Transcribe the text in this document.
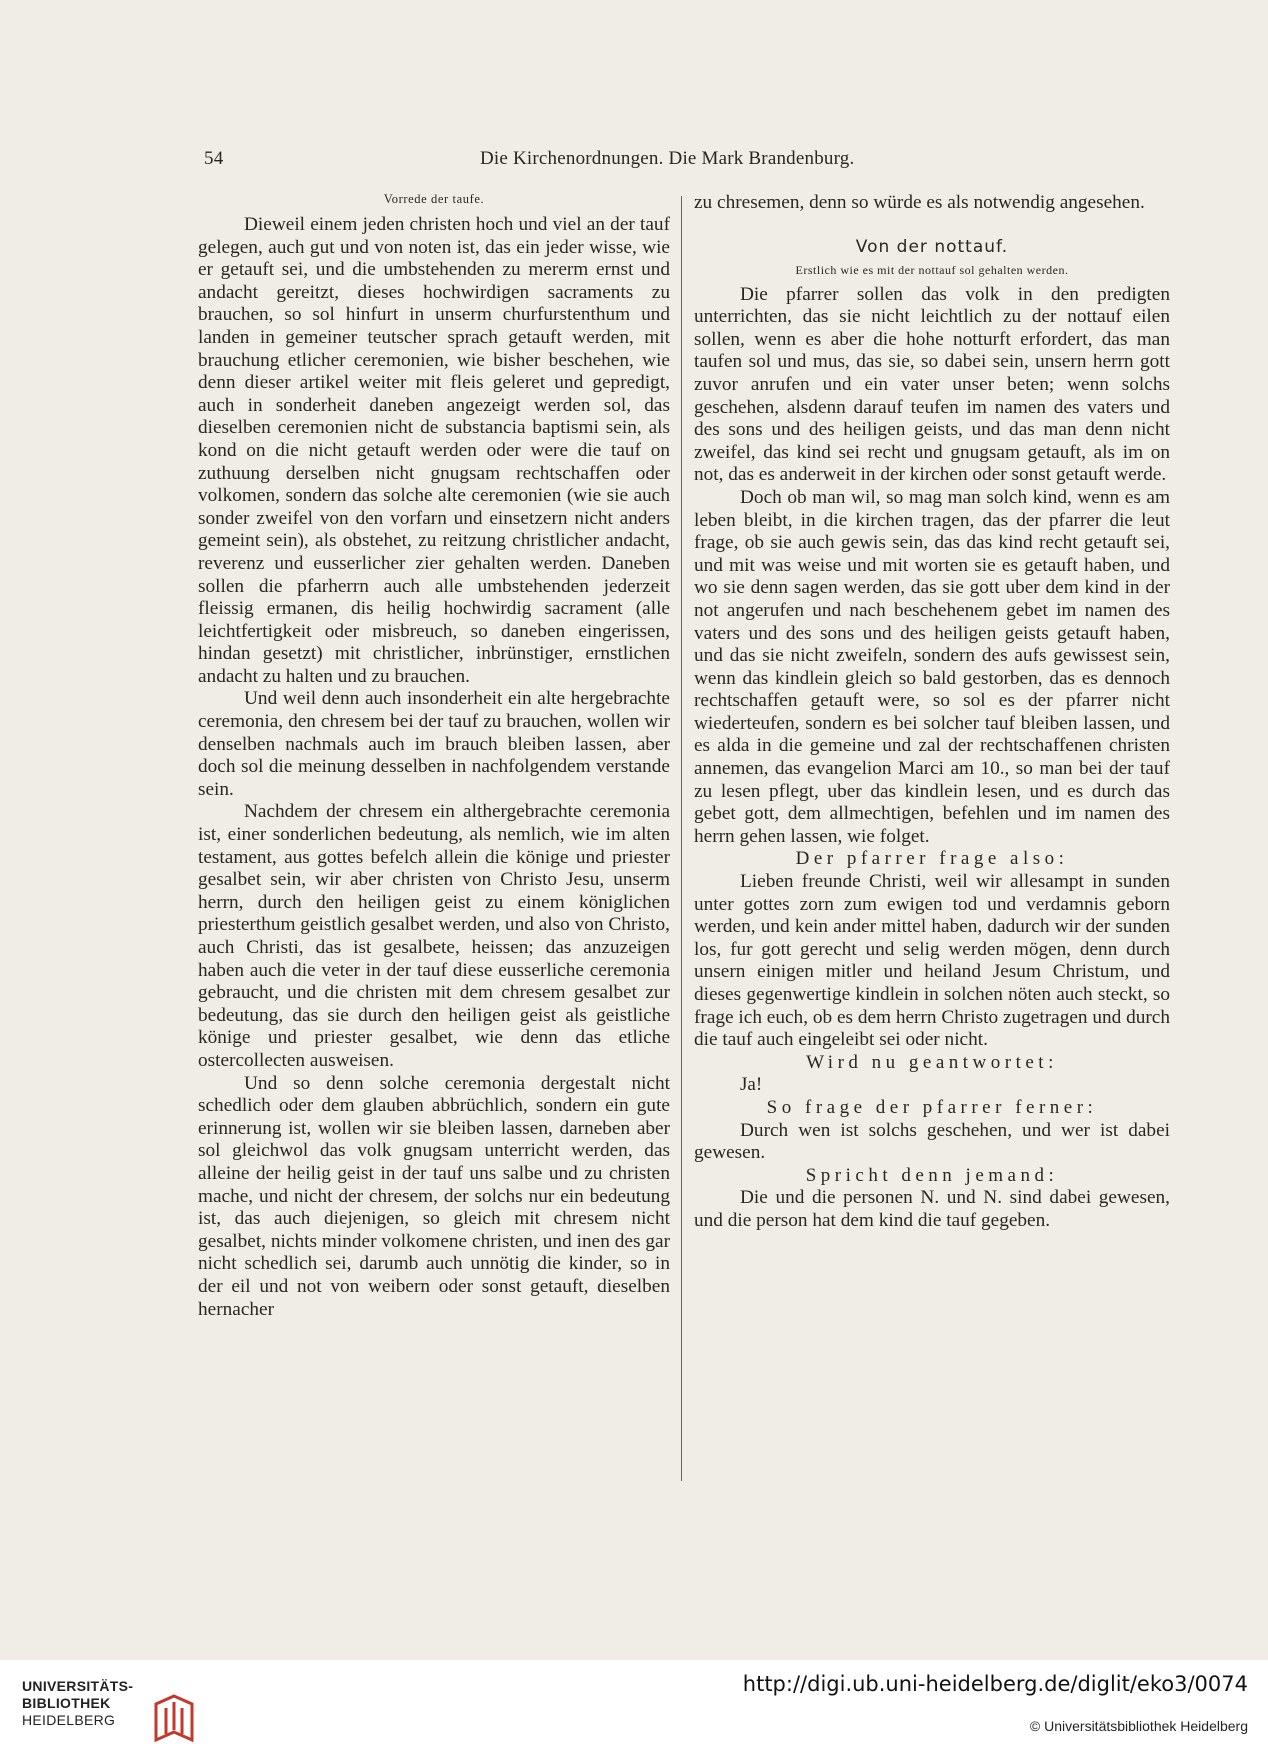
54	Die Kirchenordnungen. Die Mark Brandenburg.
Vorrede der taufe.

Dieweil einem jeden christen hoch und viel an der tauf gelegen, auch gut und von noten ist, das ein jeder wisse, wie er getauft sei, und die umbstehenden zu mererm ernst und andacht gereitzt, dieses hochwirdigen sacraments zu brauchen, so sol hinfurt in unserm churfurstenthum und landen in gemeiner teutscher sprach getauft werden, mit brauchung etlicher ceremonien, wie bisher beschehen, wie denn dieser artikel weiter mit fleis geleret und gepredigt, auch in sonderheit daneben angezeigt werden sol, das dieselben ceremonien nicht de substancia baptismi sein, als kond on die nicht getauft werden oder were die tauf on zuthuung derselben nicht gnugsam rechtschaffen oder volkomen, sondern das solche alte ceremonien (wie sie auch sonder zweifel von den vorfarn und einsetzern nicht anders gemeint sein), als obstehet, zu reitzung christlicher andacht, reverenz und eusserlicher zier gehalten werden. Daneben sollen die pfarherrn auch alle umbstehenden jederzeit fleissig ermanen, dis heilig hochwirdig sacrament (alle leichtfertigkeit oder misbreuch, so daneben eingerissen, hindan gesetzt) mit christlicher, inbrünstiger, ernstlichen andacht zu halten und zu brauchen.

Und weil denn auch insonderheit ein alte hergebrachte ceremonia, den chresem bei der tauf zu brauchen, wollen wir denselben nachmals auch im brauch bleiben lassen, aber doch sol die meinung desselben in nachfolgendem verstande sein.

Nachdem der chresem ein althergebrachte ceremonia ist, einer sonderlichen bedeutung, als nemlich, wie im alten testament, aus gottes befelch allein die könige und priester gesalbet sein, wir aber christen von Christo Jesu, unserm herrn, durch den heiligen geist zu einem königlichen priesterthum geistlich gesalbet werden, und also von Christo, auch Christi, das ist gesalbete, heissen; das anzuzeigen haben auch die veter in der tauf diese eusserliche ceremonia gebraucht, und die christen mit dem chresem gesalbet zur bedeutung, das sie durch den heiligen geist als geistliche könige und priester gesalbet, wie denn das etliche ostercollecten ausweisen.

Und so denn solche ceremonia dergestalt nicht schedlich oder dem glauben abbrüchlich, sondern ein gute erinnerung ist, wollen wir sie bleiben lassen, darneben aber sol gleichwol das volk gnugsam unterricht werden, das alleine der heilig geist in der tauf uns salbe und zu christen mache, und nicht der chresem, der solchs nur ein bedeutung ist, das auch diejenigen, so gleich mit chresem nicht gesalbet, nichts minder volkomene christen, und inen des gar nicht schedlich sei, darumb auch unnötig die kinder, so in der eil und not von weibern oder sonst getauft, dieselben hernacher

zu chresemen, denn so würde es als notwendig angesehen.

Von der nottauf.
Erstlich wie es mit der nottauf sol gehalten werden.

Die pfarrer sollen das volk in den predigten unterrichten, das sie nicht leichtlich zu der nottauf eilen sollen, wenn es aber die hohe notturft erfordert, das man taufen sol und mus, das sie, so dabei sein, unsern herrn gott zuvor anrufen und ein vater unser beten; wenn solchs geschehen, alsdenn darauf teufen im namen des vaters und des sons und des heiligen geists, und das man denn nicht zweifel, das kind sei recht und gnugsam getauft, als im on not, das es anderweit in der kirchen oder sonst getauft werde.

Doch ob man wil, so mag man solch kind, wenn es am leben bleibt, in die kirchen tragen, das der pfarrer die leut frage, ob sie auch gewis sein, das das kind recht getauft sei, und mit was weise und mit worten sie es getauft haben, und wo sie denn sagen werden, das sie gott uber dem kind in der not angerufen und nach beschehenem gebet im namen des vaters und des sons und des heiligen geists getauft haben, und das sie nicht zweifeln, sondern des aufs gewissest sein, wenn das kindlein gleich so bald gestorben, das es dennoch rechtschaffen getauft were, so sol es der pfarrer nicht wiederteufen, sondern es bei solcher tauf bleiben lassen, und es alda in die gemeine und zal der rechtschaffenen christen annemen, das evangelion Marci am 10., so man bei der tauf zu lesen pflegt, uber das kindlein lesen, und es durch das gebet gott, dem allmechtigen, befehlen und im namen des herrn gehen lassen, wie folget.

Der pfarrer frage also:

Lieben freunde Christi, weil wir allesampt in sunden unter gottes zorn zum ewigen tod und verdamnis geborn werden, und kein ander mittel haben, dadurch wir der sunden los, fur gott gerecht und selig werden mögen, denn durch unsern einigen mitler und heiland Jesum Christum, und dieses gegenwertige kindlein in solchen nöten auch steckt, so frage ich euch, ob es dem herrn Christo zugetragen und durch die tauf auch eingeleibt sei oder nicht.

Wird nu geantwortet:
Ja!
So frage der pfarrer ferner:

Durch wen ist solchs geschehen, und wer ist dabei gewesen.

Spricht denn jemand:

Die und die personen N. und N. sind dabei gewesen, und die person hat dem kind die tauf gegeben.

UNIVERSITÄTS-
BIBLIOTHEK
HEIDELBERG
http://digi.ub.uni-heidelberg.de/diglit/eko3/0074
© Universitätsbibliothek Heidelberg
